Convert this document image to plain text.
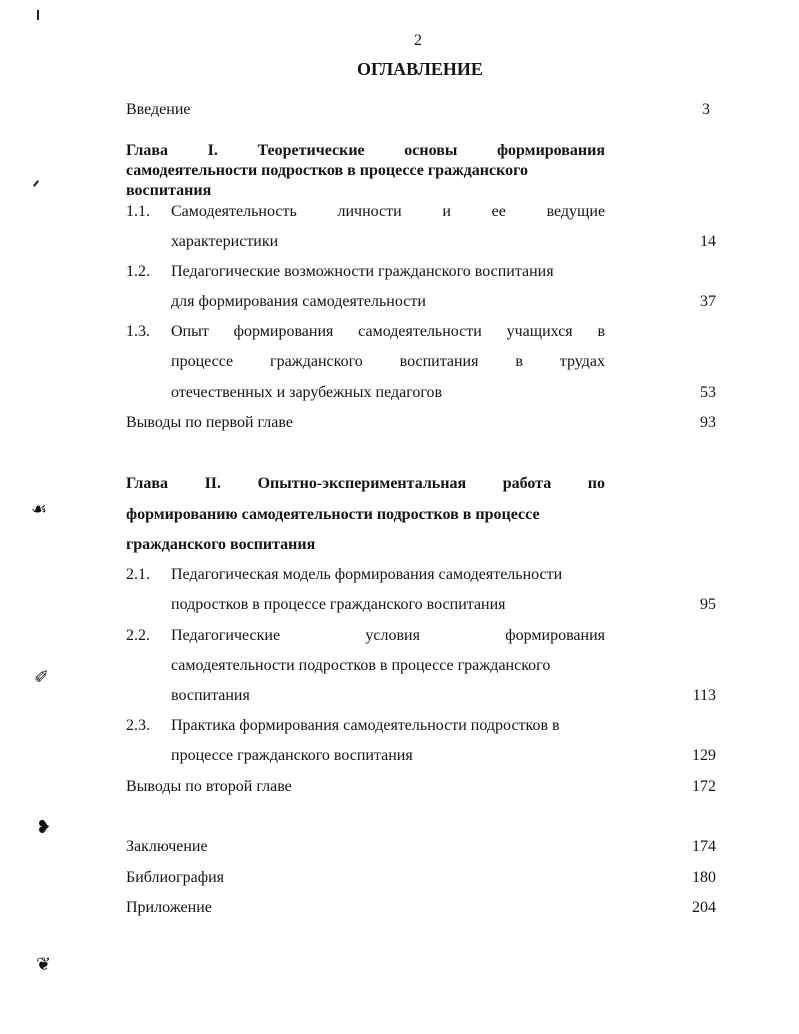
☙
✐
❥
❦
2
ОГЛАВЛЕНИЕ
Введение	3
Глава I. Теоретические основы формирования
самодеятельности подростков в процессе гражданского
воспитания
1.1. Самодеятельность	личности	и	ее	ведущие
характеристики	14
1.2. Педагогические возможности гражданского воспитания
для формирования самодеятельности	37
1.3. Опыт формирования самодеятельности учащихся в
процессе гражданского воспитания в трудах
отечественных и зарубежных педагогов	53
Выводы по первой главе	93
Глава II. Опытно-экспериментальная работа по
формированию самодеятельности подростков в процессе
гражданского воспитания
2.1. Педагогическая модель формирования самодеятельности
подростков в процессе гражданского воспитания	95
2.2. Педагогические	условия	формирования
самодеятельности подростков в процессе гражданского
воспитания	113
2.3. Практика формирования самодеятельности подростков в
процессе гражданского воспитания	129
Выводы по второй главе	172
Заключение	174
Библиография	180
Приложение	204
